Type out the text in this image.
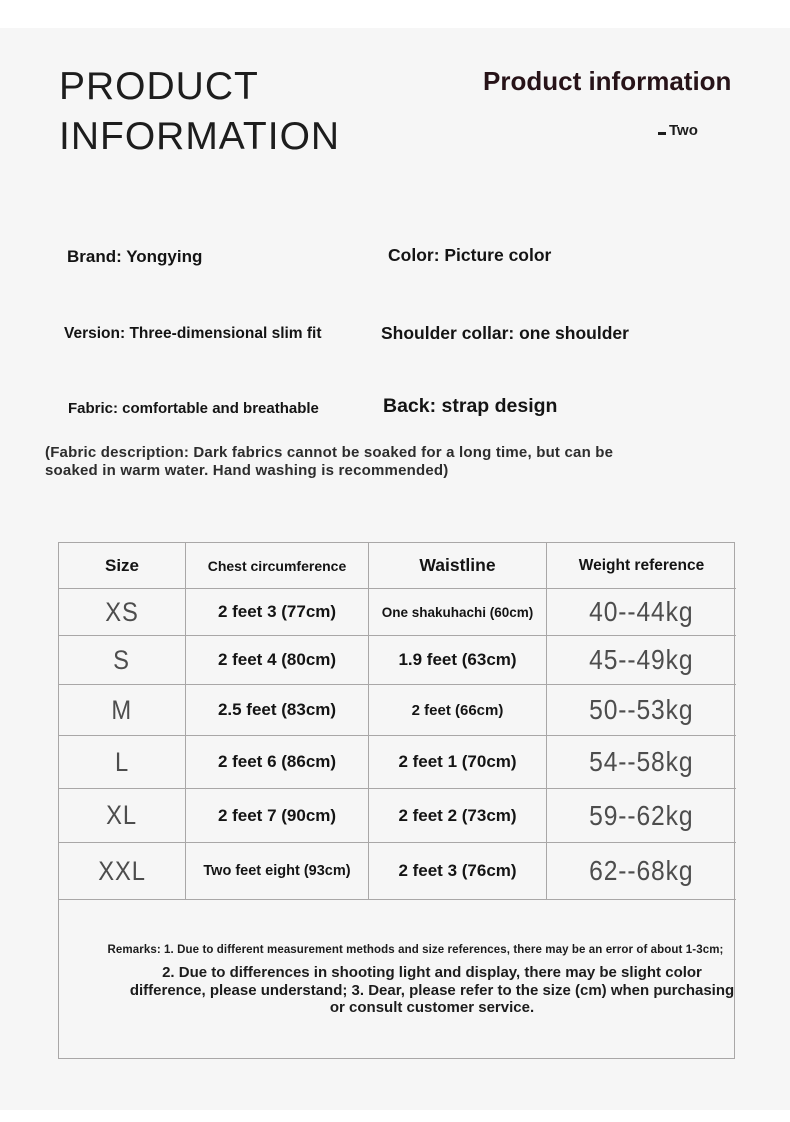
PRODUCT
INFORMATION
Product information
Two
Brand: Yongying	Color: Picture color
Version: Three-dimensional slim fit	Shoulder collar: one shoulder
Fabric: comfortable and breathable	Back: strap design
(Fabric description: Dark fabrics cannot be soaked for a long time, but can be soaked in warm water. Hand washing is recommended)
Size	Chest circumference	Waistline	Weight reference
XS	2 feet 3 (77cm)	One shakuhachi (60cm)	40--44kg
S	2 feet 4 (80cm)	1.9 feet (63cm)	45--49kg
M	2.5 feet (83cm)	2 feet (66cm)	50--53kg
L	2 feet 6 (86cm)	2 feet 1 (70cm)	54--58kg
XL	2 feet 7 (90cm)	2 feet 2 (73cm)	59--62kg
XXL	Two feet eight (93cm)	2 feet 3 (76cm)	62--68kg
Remarks: 1. Due to different measurement methods and size references, there may be an error of about 1-3cm;
2. Due to differences in shooting light and display, there may be slight color difference, please understand; 3. Dear, please refer to the size (cm) when purchasing or consult customer service.
